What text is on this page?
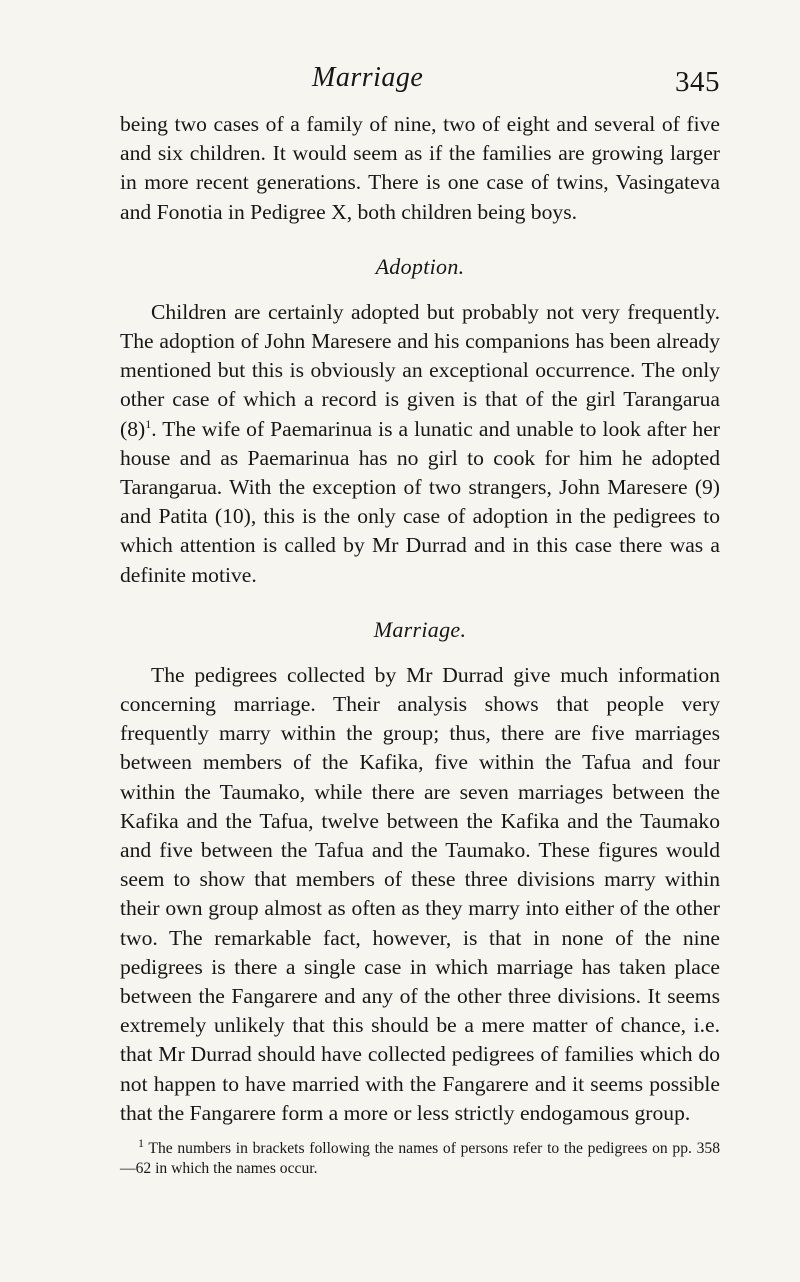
Marriage	345

being two cases of a family of nine, two of eight and several of five and six children. It would seem as if the families are growing larger in more recent generations. There is one case of twins, Vasingateva and Fonotia in Pedigree X, both children being boys.

Adoption.

Children are certainly adopted but probably not very frequently. The adoption of John Maresere and his companions has been already mentioned but this is obviously an exceptional occurrence. The only other case of which a record is given is that of the girl Tarangarua $(8)^1$. The wife of Paemarinua is a lunatic and unable to look after her house and as Paemarinua has no girl to cook for him he adopted Tarangarua. With the exception of two strangers, John Maresere (9) and Patita (10), this is the only case of adoption in the pedigrees to which attention is called by Mr Durrad and in this case there was a definite motive.

Marriage.

The pedigrees collected by Mr Durrad give much information concerning marriage. Their analysis shows that people very frequently marry within the group; thus, there are five marriages between members of the Kafika, five within the Tafua and four within the Taumako, while there are seven marriages between the Kafika and the Tafua, twelve between the Kafika and the Taumako and five between the Tafua and the Taumako. These figures would seem to show that members of these three divisions marry within their own group almost as often as they marry into either of the other two. The remarkable fact, however, is that in none of the nine pedigrees is there a single case in which marriage has taken place between the Fangarere and any of the other three divisions. It seems extremely unlikely that this should be a mere matter of chance, i.e. that Mr Durrad should have collected pedigrees of families which do not happen to have married with the Fangarere and it seems possible that the Fangarere form a more or less strictly endogamous group.

$^1$ The numbers in brackets following the names of persons refer to the pedigrees on pp. 358—62 in which the names occur.
